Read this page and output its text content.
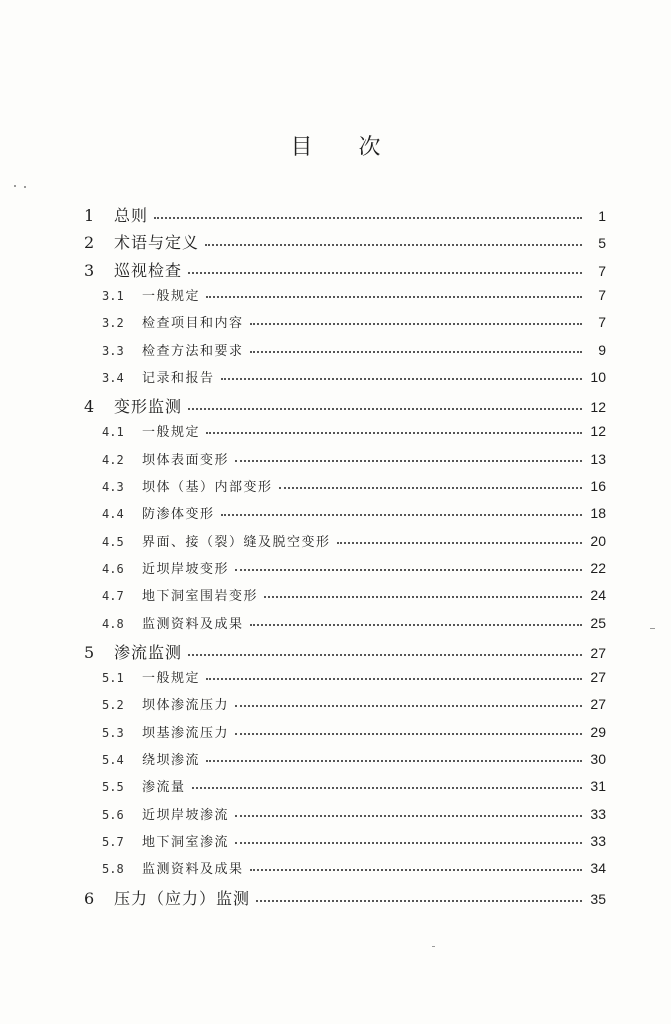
目次
1	总则	1
2	术语与定义	5
3	巡视检查	7
3.1	一般规定	7
3.2	检查项目和内容	7
3.3	检查方法和要求	9
3.4	记录和报告	10
4	变形监测	12
4.1	一般规定	12
4.2	坝体表面变形	13
4.3	坝体（基）内部变形	16
4.4	防渗体变形	18
4.5	界面、接（裂）缝及脱空变形	20
4.6	近坝岸坡变形	22
4.7	地下洞室围岩变形	24
4.8	监测资料及成果	25
5	渗流监测	27
5.1	一般规定	27
5.2	坝体渗流压力	27
5.3	坝基渗流压力	29
5.4	绕坝渗流	30
5.5	渗流量	31
5.6	近坝岸坡渗流	33
5.7	地下洞室渗流	33
5.8	监测资料及成果	34
6	压力（应力）监测	35
